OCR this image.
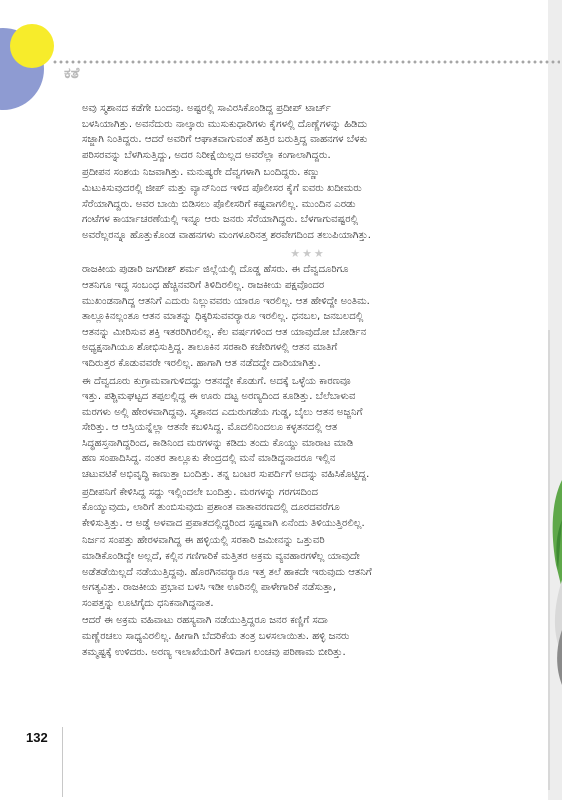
ಕತೆ

ಅವು ಸ್ಮಶಾನದ ಕಡೆಗೇ ಬಂದವು. ಅಷ್ಟರಲ್ಲಿ ಸಾವಿರಸಿಕೊಂಡಿದ್ದ ಪ್ರದೀಪ್ ಟಾರ್ಚ್
ಬಳಸಿಯಾಗಿತ್ತು. ಅವನೆದುರು ನಾಲ್ಕಾರು ಮುಸುಕುಧಾರಿಗಳು ಕೈಗಳಲ್ಲಿ ದೊಣ್ಣೆಗಳನ್ನು ಹಿಡಿದು
ಸಜ್ಜಾಗಿ ನಿಂತಿದ್ದರು. ಆದರೆ ಅವರಿಗೆ ಆಘಾತವಾಗುವಂತೆ ಹತ್ತಿರ ಬರುತ್ತಿದ್ದ ವಾಹನಗಳ ಬೆಳಕು
ಪರಿಸರವನ್ನು ಬೆಳಗಿಸುತ್ತಿದ್ದು, ಅದರ ನಿರೀಕ್ಷೆಯಿಲ್ಲದ ಅವರೆಲ್ಲಾ ಕಂಗಾಲಾಗಿದ್ದರು.

ಪ್ರದೀಪನ ಸಂಶಯ ನಿಜವಾಗಿತ್ತು. ಮನುಷ್ಯರೇ ದೆವ್ವಗಳಾಗಿ ಬಂದಿದ್ದರು. ಕಣ್ಣು
ಮಿಟುಕಿಸುವುದರಲ್ಲಿ ಜೀಪ್ ಮತ್ತು ವ್ಯಾನ್‌ನಿಂದ ಇಳಿದ ಪೊಲೀಸರ ಕೈಗೆ ಐವರು ಖದೀಮರು
ಸೆರೆಯಾಗಿದ್ದರು. ಅವರ ಬಾಯಿ ಬಿಡಿಸಲು ಪೊಲೀಸರಿಗೆ ಕಷ್ಟವಾಗಲಿಲ್ಲ. ಮುಂದಿನ ಎರಡು
ಗಂಟೆಗಳ ಕಾರ್ಯಾಚರಣೆಯಲ್ಲಿ ಇನ್ನೂ ಆರು ಜನರು ಸೆರೆಯಾಗಿದ್ದರು. ಬೆಳಗಾಗುವಷ್ಟರಲ್ಲಿ
ಅವರೆಲ್ಲರನ್ನೂ ಹೊತ್ತುಕೊಂಡ ವಾಹನಗಳು ಮಂಗಳೂರಿನತ್ತ ಶರವೇಗದಿಂದ ತಲುಪಿಯಾಗಿತ್ತು.

★★★

ರಾಜಕೀಯ ಪುಡಾರಿ ಜಗದೀಶ್ ಶರ್ಮ ಜಿಲ್ಲೆಯಲ್ಲಿ ದೊಡ್ಡ ಹೆಸರು. ಈ ದೆವ್ವದೂರಿಗೂ
ಆತನಿಗೂ ಇದ್ದ ಸಂಬಂಧ ಹೆಚ್ಚಿನವರಿಗೆ ತಿಳಿದಿರಲಿಲ್ಲ. ರಾಜಕೀಯ ಪಕ್ಷವೊಂದರ
ಮುಖಂಡನಾಗಿದ್ದ ಆತನಿಗೆ ಎದುರು ನಿಲ್ಲುವವರು ಯಾರೂ ಇರಲಿಲ್ಲ. ಆತ ಹೇಳಿದ್ದೇ ಅಂತಿಮ.
ತಾಲ್ಲೂಕಿನಲ್ಲಂತೂ ಆತನ ಮಾತನ್ನು ಧಿಕ್ಕರಿಸುವವರ್‍ಯಾರೂ ಇರಲಿಲ್ಲ. ಧನಬಲ, ಜನಬಲದಲ್ಲಿ
ಆತನನ್ನು ಮೀರಿಸುವ ಶಕ್ತಿ ಇತರರಿಗಿರಲಿಲ್ಲ. ಕೆಲ ವರ್ಷಗಳಿಂದ ಆತ ಯಾವುದೋ ಬೋರ್ಡಿನ
ಅಧ್ಯಕ್ಷನಾಗಿಯೂ ಶೋಭಿಸುತ್ತಿದ್ದ. ತಾಲೂಕಿನ ಸರಕಾರಿ ಕಚೇರಿಗಳಲ್ಲಿ ಆತನ ಮಾತಿಗೆ
ಇದಿರುತ್ತರ ಕೊಡುವವರೇ ಇರಲಿಲ್ಲ. ಹಾಗಾಗಿ ಆತ ನಡೆದದ್ದೇ ದಾರಿಯಾಗಿತ್ತು.

ಈ ದೆವ್ವದೂರು ಕುಗ್ರಾಮವಾಗುಳಿದದ್ದು ಆತನದ್ದೇ ಕೊಡುಗೆ. ಅದಕ್ಕೆ ಒಳ್ಳೆಯ ಕಾರಣವೂ
ಇತ್ತು. ಪಶ್ಚಿಮಘಟ್ಟದ ತಪ್ಪಲಲ್ಲಿದ್ದ ಈ ಊರು ದಟ್ಟ ಅರಣ್ಯದಿಂದ ಕೂಡಿತ್ತು. ಬೆಲೆಬಾಳುವ
ಮರಗಳು ಅಲ್ಲಿ ಹೇರಳವಾಗಿದ್ದವು. ಸ್ಮಶಾನದ ಎದುರುಗಡೆಯ ಗುಡ್ಡ, ಬೈಲು ಆತನ ಅಜ್ಜನಿಗೆ
ಸೇರಿತ್ತು. ಆ ಆಸ್ತಿಯನ್ನೆಲ್ಲಾ ಆತನೇ ಕಬಳಿಸಿದ್ದ. ಮೊದಲಿನಿಂದಲೂ ಕಳ್ಳತನದಲ್ಲಿ ಆತ
ಸಿದ್ಧಹಸ್ತನಾಗಿದ್ದರಿಂದ, ಕಾಡಿನಿಂದ ಮರಗಳನ್ನು ಕಡಿದು ತಂದು ಕೊಯ್ದು ಮಾರಾಟ ಮಾಡಿ
ಹಣ ಸಂಪಾದಿಸಿದ್ದ. ನಂತರ ತಾಲ್ಲೂಕು ಕೇಂದ್ರದಲ್ಲಿ ಮನೆ ಮಾಡಿದ್ದನಾದರೂ ಇಲ್ಲಿನ
ಚಟುವಟಿಕೆ ಅಭಿವೃದ್ಧಿ ಕಾಣುತ್ತಾ ಬಂದಿತ್ತು. ತನ್ನ ಬಂಟರ ಸುಪರ್ದಿಗೆ ಅದನ್ನು ವಹಿಸಿಕೊಟ್ಟಿದ್ದ.

ಪ್ರದೀಪನಿಗೆ ಕೇಳಿಸಿದ್ದ ಸದ್ದು ಇಲ್ಲಿಂದಲೇ ಬಂದಿತ್ತು. ಮರಗಳನ್ನು ಗರಗಸದಿಂದ
ಕೊಯ್ಯುವುದು, ಲಾರಿಗೆ ತುಂಬಿಸುವುದು ಪ್ರಶಾಂತ ವಾತಾವರಣದಲ್ಲಿ ದೂರದವರೆಗೂ
ಕೇಳಿಸುತ್ತಿತ್ತು. ಆ ಅಡ್ಡೆ ಅಳವಾದ ಪ್ರಪಾತದಲ್ಲಿದ್ದರಿಂದ ಸ್ಪಷ್ಟವಾಗಿ ಏನೆಂದು ತಿಳಿಯುತ್ತಿರಲಿಲ್ಲ.

ನಿರ್ಜನ ಸಂಪತ್ತು ಹೇರಳವಾಗಿದ್ದ ಈ ಹಳ್ಳಿಯಲ್ಲಿ ಸರಕಾರಿ ಜಮೀನನ್ನು ಒತ್ತುವರಿ
ಮಾಡಿಕೊಂಡಿದ್ದೇ ಅಲ್ಲದೆ, ಕಲ್ಲಿನ ಗಣಿಗಾರಿಕೆ ಮತ್ತಿತರ ಅಕ್ರಮ ವ್ಯವಹಾರಗಳೆಲ್ಲ ಯಾವುದೇ
ಅಡೆತಡೆಯಿಲ್ಲದೆ ನಡೆಯುತ್ತಿದ್ದವು. ಹೊರಗಿನವರ್‍ಯಾರೂ ಇತ್ತ ತಲೆ ಹಾಕದೇ ಇರುವುದು ಆತನಿಗೆ
ಅಗತ್ಯವಿತ್ತು. ರಾಜಕೀಯ ಪ್ರಭಾವ ಬಳಸಿ ಇಡೀ ಊರಿನಲ್ಲಿ ಪಾಳೇಗಾರಿಕೆ ನಡೆಸುತ್ತಾ,
ಸಂಪತ್ತನ್ನು ಲೂಟಿಗೈದು ಧನಿಕನಾಗಿದ್ದನಾತ.

ಆದರೆ ಈ ಅಕ್ರಮ ವಹಿವಾಟು ರಹಸ್ಯವಾಗಿ ನಡೆಯುತ್ತಿದ್ದರೂ ಜನರ ಕಣ್ಣಿಗೆ ಸದಾ
ಮಣ್ಣೆರಚಲು ಸಾಧ್ಯವಿರಲಿಲ್ಲ. ಹೀಗಾಗಿ ಬೆದರಿಕೆಯ ತಂತ್ರ ಬಳಸಲಾಯಿತು. ಹಳ್ಳಿ ಜನರು
ತಮ್ಮಷ್ಟಕ್ಕೆ ಉಳಿದರು. ಅರಣ್ಯ ಇಲಾಖೆಯರಿಗೆ ತಿಳಿದಾಗ ಲಂಚವು ಪರಿಣಾಮ ಬೀರಿತ್ತು.

132
